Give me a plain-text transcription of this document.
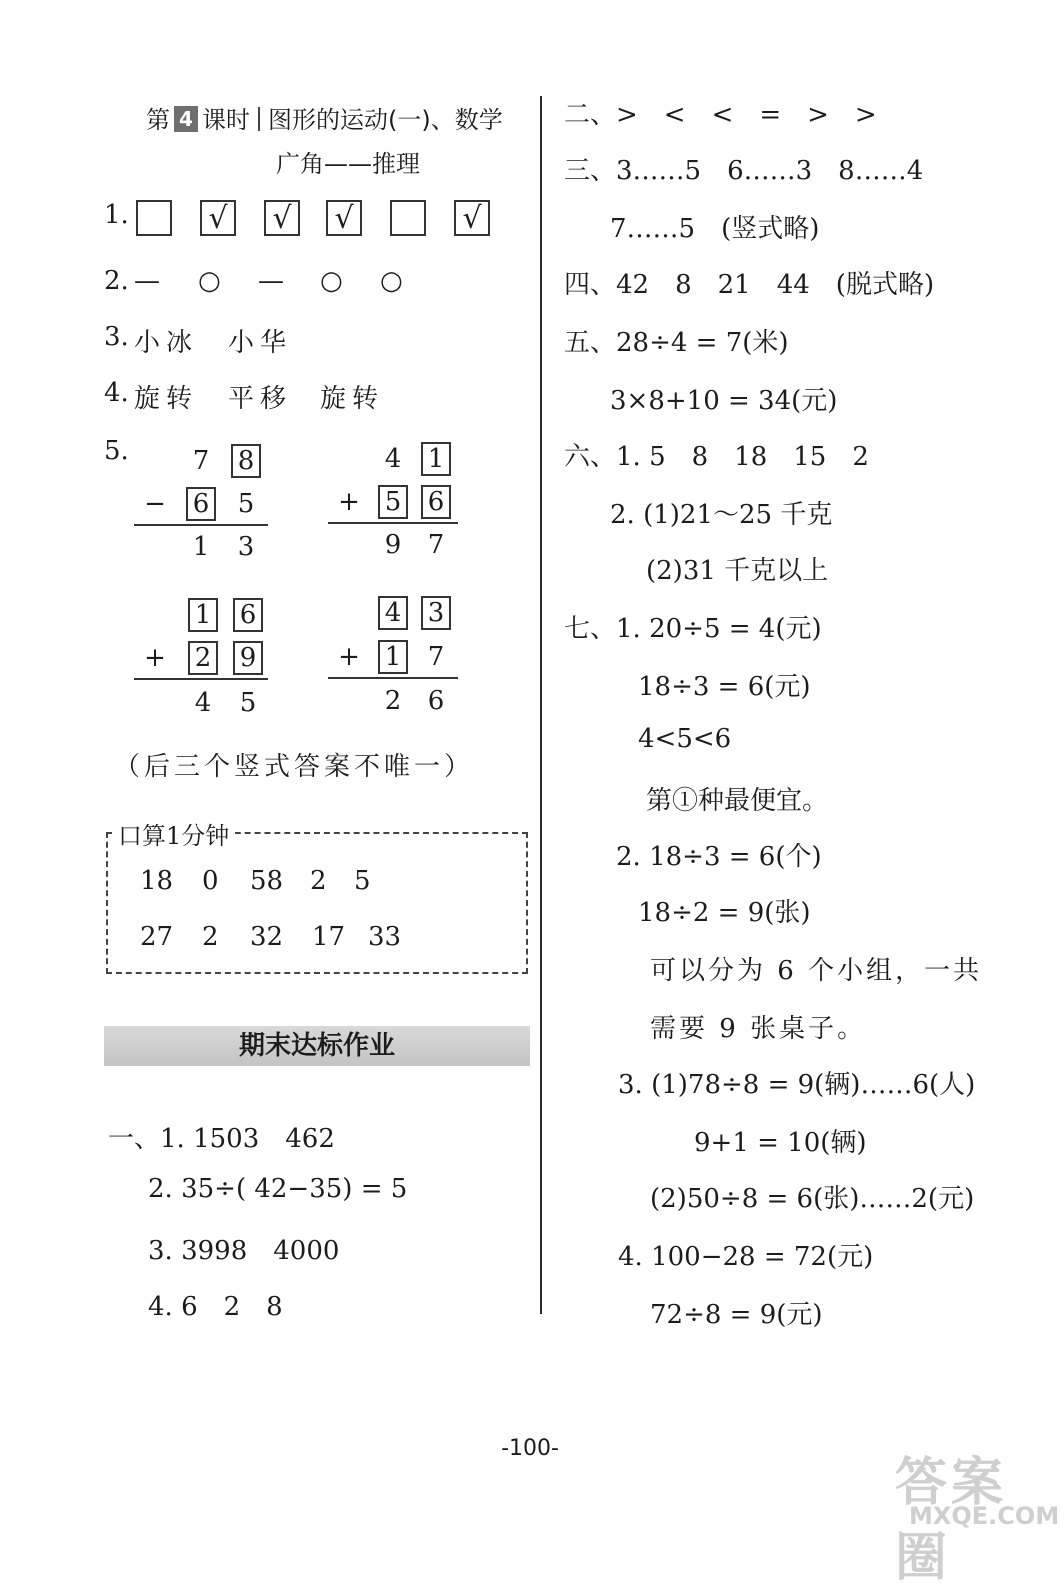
第 4 课时 图形的运动(一)、数学
广角——推理
1.	√ √ √	√
2. — ○ — ○ ○
3. 小冰 小华
4. 旋转 平移 旋转
5. 7 8
− 6 5
1 3
4 1
+ 5 6
9 7
1 6
+ 2 9
4 5
4 3
+ 1 7
2 6
（后三个竖式答案不唯一）
口算1分钟
18 0 58 2 5
27 2 32 17 33
期末达标作业
一、1. 1503　462
2. 35÷( 42−35) = 5
3. 3998　4000
4. 6　2　8
二、>　<　<　=　>　>
三、3……5　6……3　8……4
7……5　(竖式略)
四、42　8　21　44　(脱式略)
五、28÷4 = 7(米)
3×8+10 = 34(元)
六、1. 5　8　18　15　2
2. (1)21～25 千克
(2)31 千克以上
七、1. 20÷5 = 4(元)
18÷3 = 6(元)
4<5<6
第①种最便宜。
2. 18÷3 = 6(个)
18÷2 = 9(张)
可以分为 6 个小组，一共
需要 9 张桌子。
3. (1)78÷8 = 9(辆)……6(人)
9+1 = 10(辆)
(2)50÷8 = 6(张)……2(元)
4. 100−28 = 72(元)
72÷8 = 9(元)
-100-
答案圈
MXQE.COM
